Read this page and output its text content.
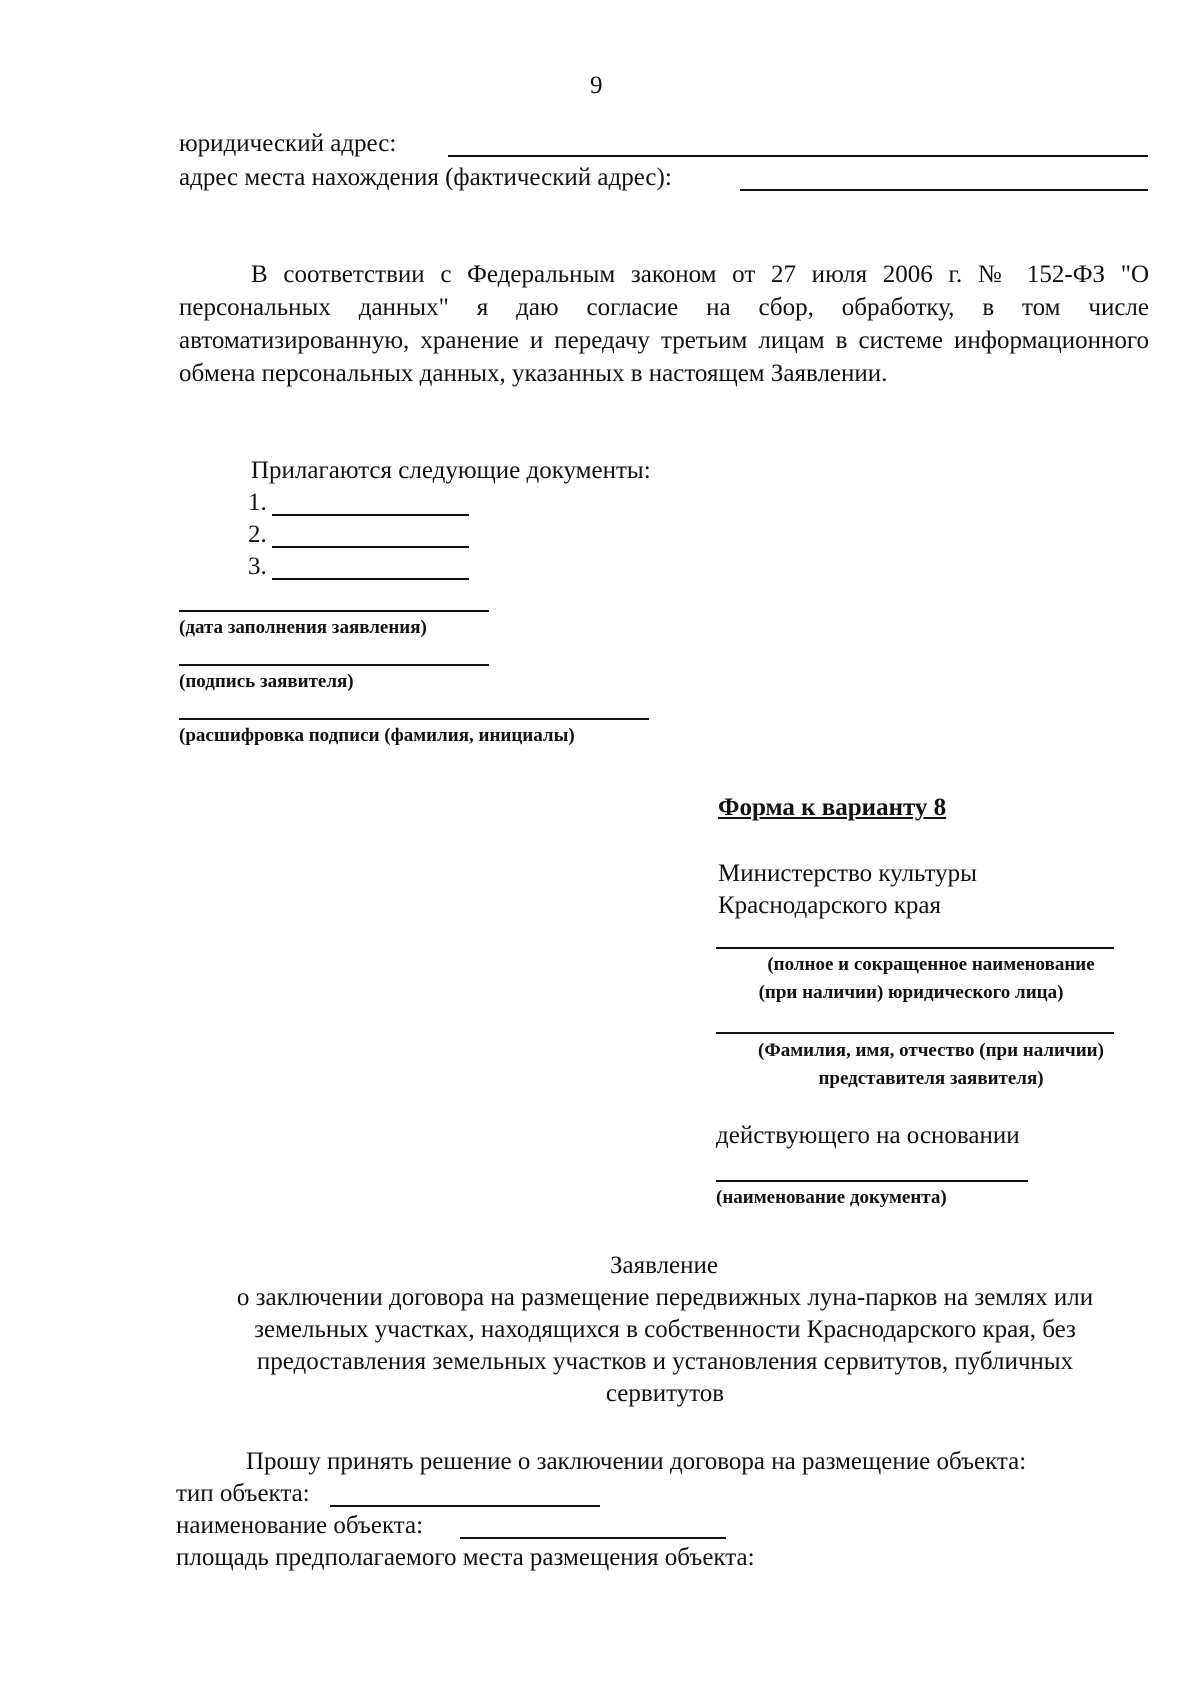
9
юридический адрес:
адрес места нахождения (фактический адрес):
В соответствии с Федеральным законом от 27 июля 2006 г. № 152-ФЗ "О персональных данных" я даю согласие на сбор, обработку, в том числе автоматизированную, хранение и передачу третьим лицам в системе информационного обмена персональных данных, указанных в настоящем Заявлении.
Прилагаются следующие документы:
1.
2.
3.
(дата заполнения заявления)
(подпись заявителя)
(расшифровка подписи (фамилия, инициалы)
Форма к варианту 8
Министерство культуры
Краснодарского края
(полное и сокращенное наименование
(при наличии) юридического лица)
(Фамилия, имя, отчество (при наличии)
представителя заявителя)
действующего на основании
(наименование документа)
Заявление
о заключении договора на размещение передвижных луна-парков на землях или
земельных участках, находящихся в собственности Краснодарского края, без
предоставления земельных участков и установления сервитутов, публичных
сервитутов
Прошу принять решение о заключении договора на размещение объекта:
тип объекта:
наименование объекта:
площадь предполагаемого места размещения объекта:
